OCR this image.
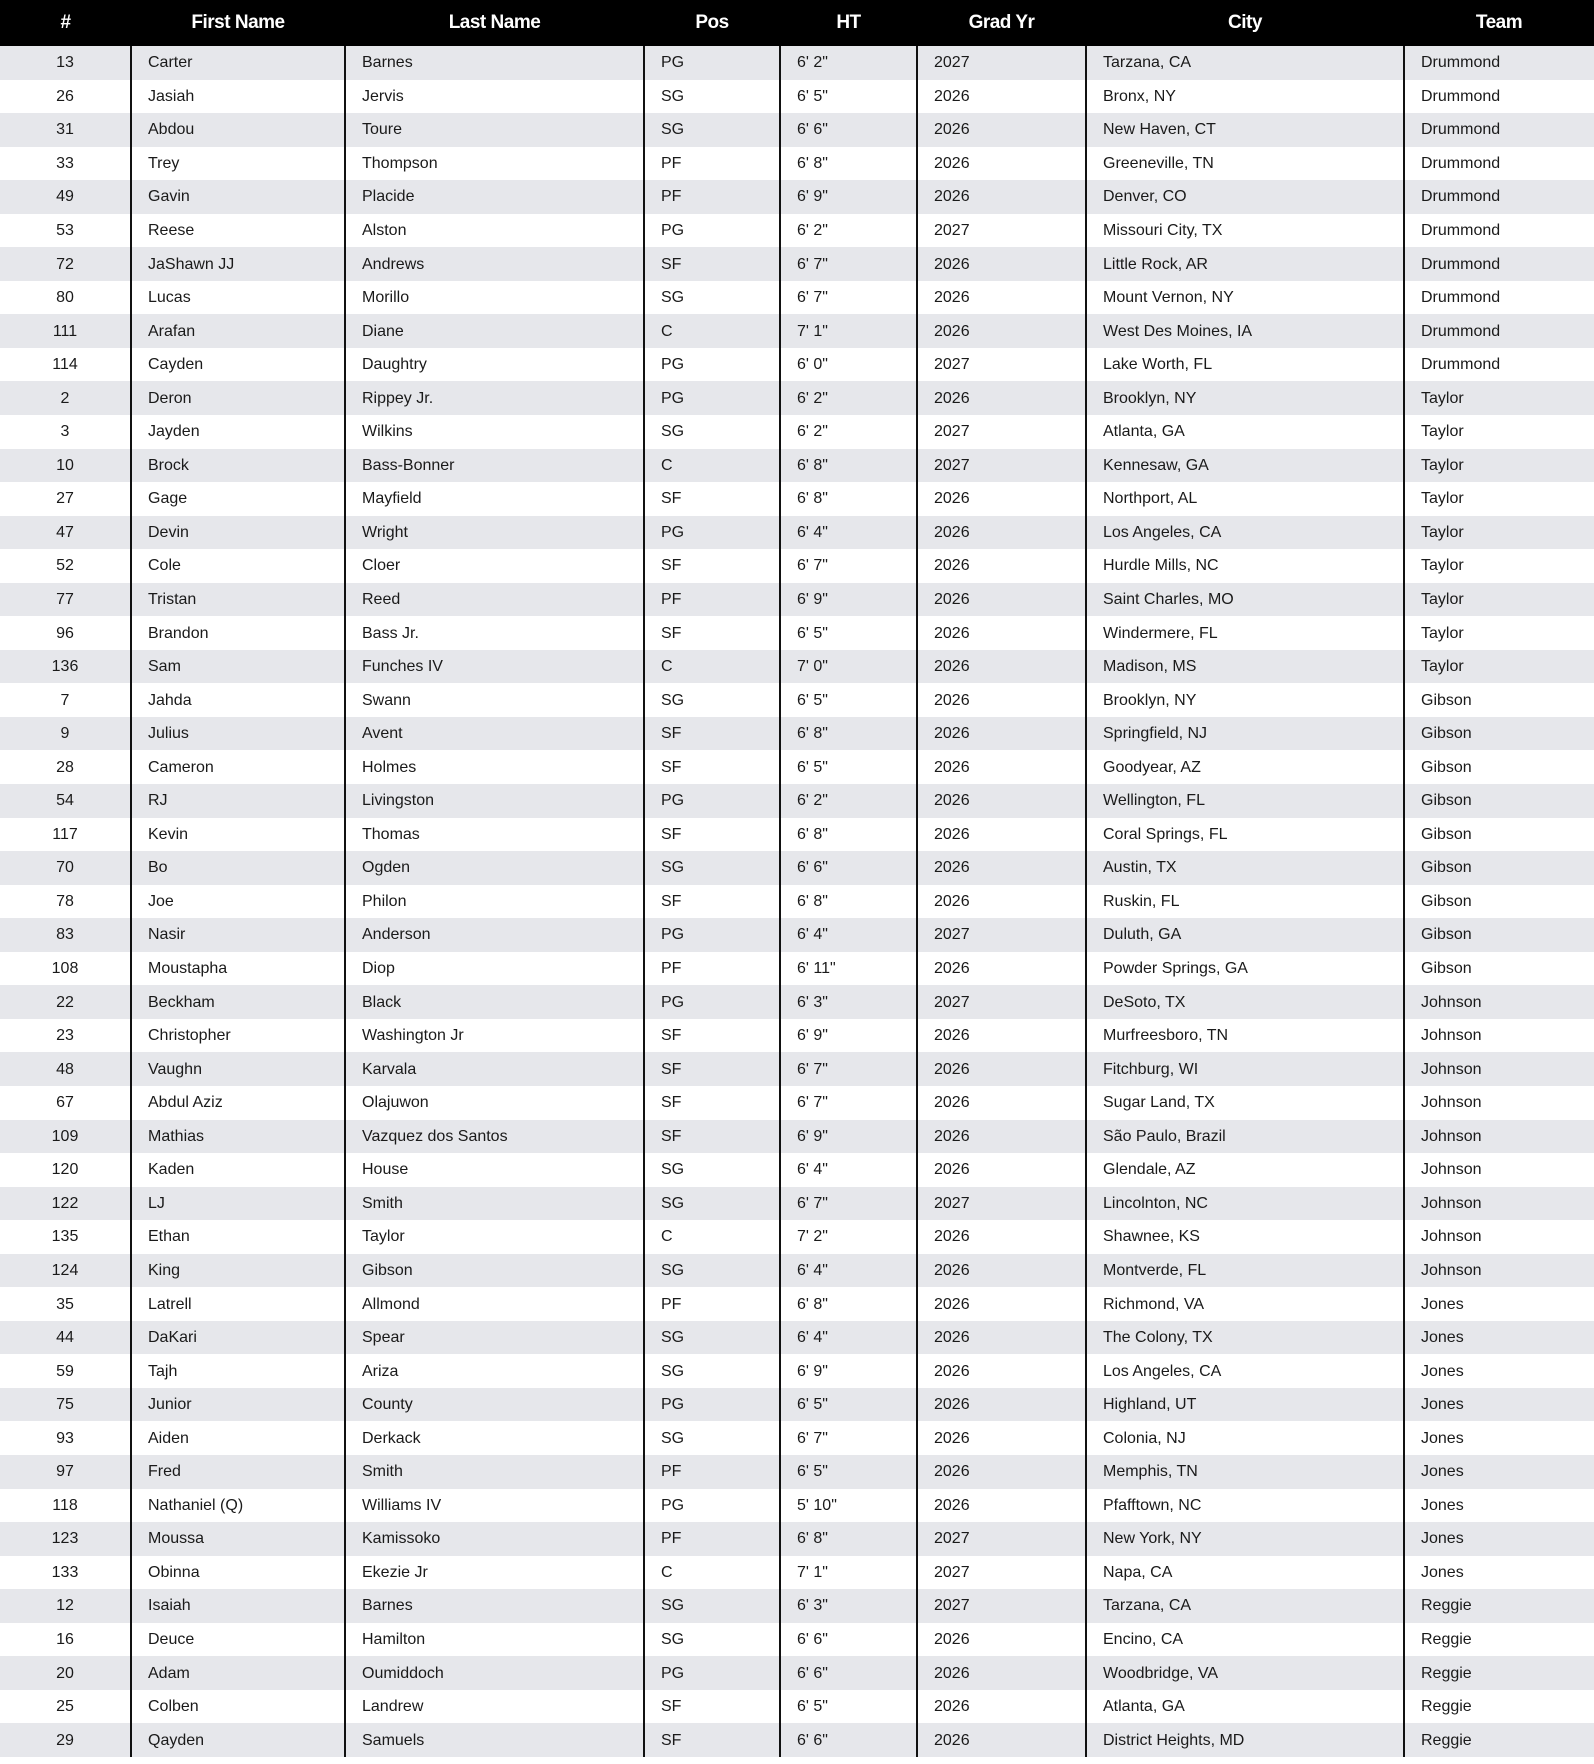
#	First Name	Last Name	Pos	HT	Grad Yr	City	Team
13	Carter	Barnes	PG	6' 2"	2027	Tarzana, CA	Drummond
26	Jasiah	Jervis	SG	6' 5"	2026	Bronx, NY	Drummond
31	Abdou	Toure	SG	6' 6"	2026	New Haven, CT	Drummond
33	Trey	Thompson	PF	6' 8"	2026	Greeneville, TN	Drummond
49	Gavin	Placide	PF	6' 9"	2026	Denver, CO	Drummond
53	Reese	Alston	PG	6' 2"	2027	Missouri City, TX	Drummond
72	JaShawn JJ	Andrews	SF	6' 7"	2026	Little Rock, AR	Drummond
80	Lucas	Morillo	SG	6' 7"	2026	Mount Vernon, NY	Drummond
111	Arafan	Diane	C	7' 1"	2026	West Des Moines, IA	Drummond
114	Cayden	Daughtry	PG	6' 0"	2027	Lake Worth, FL	Drummond
2	Deron	Rippey Jr.	PG	6' 2"	2026	Brooklyn, NY	Taylor
3	Jayden	Wilkins	SG	6' 2"	2027	Atlanta, GA	Taylor
10	Brock	Bass-Bonner	C	6' 8"	2027	Kennesaw, GA	Taylor
27	Gage	Mayfield	SF	6' 8"	2026	Northport, AL	Taylor
47	Devin	Wright	PG	6' 4"	2026	Los Angeles, CA	Taylor
52	Cole	Cloer	SF	6' 7"	2026	Hurdle Mills, NC	Taylor
77	Tristan	Reed	PF	6' 9"	2026	Saint Charles, MO	Taylor
96	Brandon	Bass Jr.	SF	6' 5"	2026	Windermere, FL	Taylor
136	Sam	Funches IV	C	7' 0"	2026	Madison, MS	Taylor
7	Jahda	Swann	SG	6' 5"	2026	Brooklyn, NY	Gibson
9	Julius	Avent	SF	6' 8"	2026	Springfield, NJ	Gibson
28	Cameron	Holmes	SF	6' 5"	2026	Goodyear, AZ	Gibson
54	RJ	Livingston	PG	6' 2"	2026	Wellington, FL	Gibson
117	Kevin	Thomas	SF	6' 8"	2026	Coral Springs, FL	Gibson
70	Bo	Ogden	SG	6' 6"	2026	Austin, TX	Gibson
78	Joe	Philon	SF	6' 8"	2026	Ruskin, FL	Gibson
83	Nasir	Anderson	PG	6' 4"	2027	Duluth, GA	Gibson
108	Moustapha	Diop	PF	6' 11"	2026	Powder Springs, GA	Gibson
22	Beckham	Black	PG	6' 3"	2027	DeSoto, TX	Johnson
23	Christopher	Washington Jr	SF	6' 9"	2026	Murfreesboro, TN	Johnson
48	Vaughn	Karvala	SF	6' 7"	2026	Fitchburg, WI	Johnson
67	Abdul Aziz	Olajuwon	SF	6' 7"	2026	Sugar Land, TX	Johnson
109	Mathias	Vazquez dos Santos	SF	6' 9"	2026	São Paulo, Brazil	Johnson
120	Kaden	House	SG	6' 4"	2026	Glendale, AZ	Johnson
122	LJ	Smith	SG	6' 7"	2027	Lincolnton, NC	Johnson
135	Ethan	Taylor	C	7' 2"	2026	Shawnee, KS	Johnson
124	King	Gibson	SG	6' 4"	2026	Montverde, FL	Johnson
35	Latrell	Allmond	PF	6' 8"	2026	Richmond, VA	Jones
44	DaKari	Spear	SG	6' 4"	2026	The Colony, TX	Jones
59	Tajh	Ariza	SG	6' 9"	2026	Los Angeles, CA	Jones
75	Junior	County	PG	6' 5"	2026	Highland, UT	Jones
93	Aiden	Derkack	SG	6' 7"	2026	Colonia, NJ	Jones
97	Fred	Smith	PF	6' 5"	2026	Memphis, TN	Jones
118	Nathaniel (Q)	Williams IV	PG	5' 10"	2026	Pfafftown, NC	Jones
123	Moussa	Kamissoko	PF	6' 8"	2027	New York, NY	Jones
133	Obinna	Ekezie Jr	C	7' 1"	2027	Napa, CA	Jones
12	Isaiah	Barnes	SG	6' 3"	2027	Tarzana, CA	Reggie
16	Deuce	Hamilton	SG	6' 6"	2026	Encino, CA	Reggie
20	Adam	Oumiddoch	PG	6' 6"	2026	Woodbridge, VA	Reggie
25	Colben	Landrew	SF	6' 5"	2026	Atlanta, GA	Reggie
29	Qayden	Samuels	SF	6' 6"	2026	District Heights, MD	Reggie
